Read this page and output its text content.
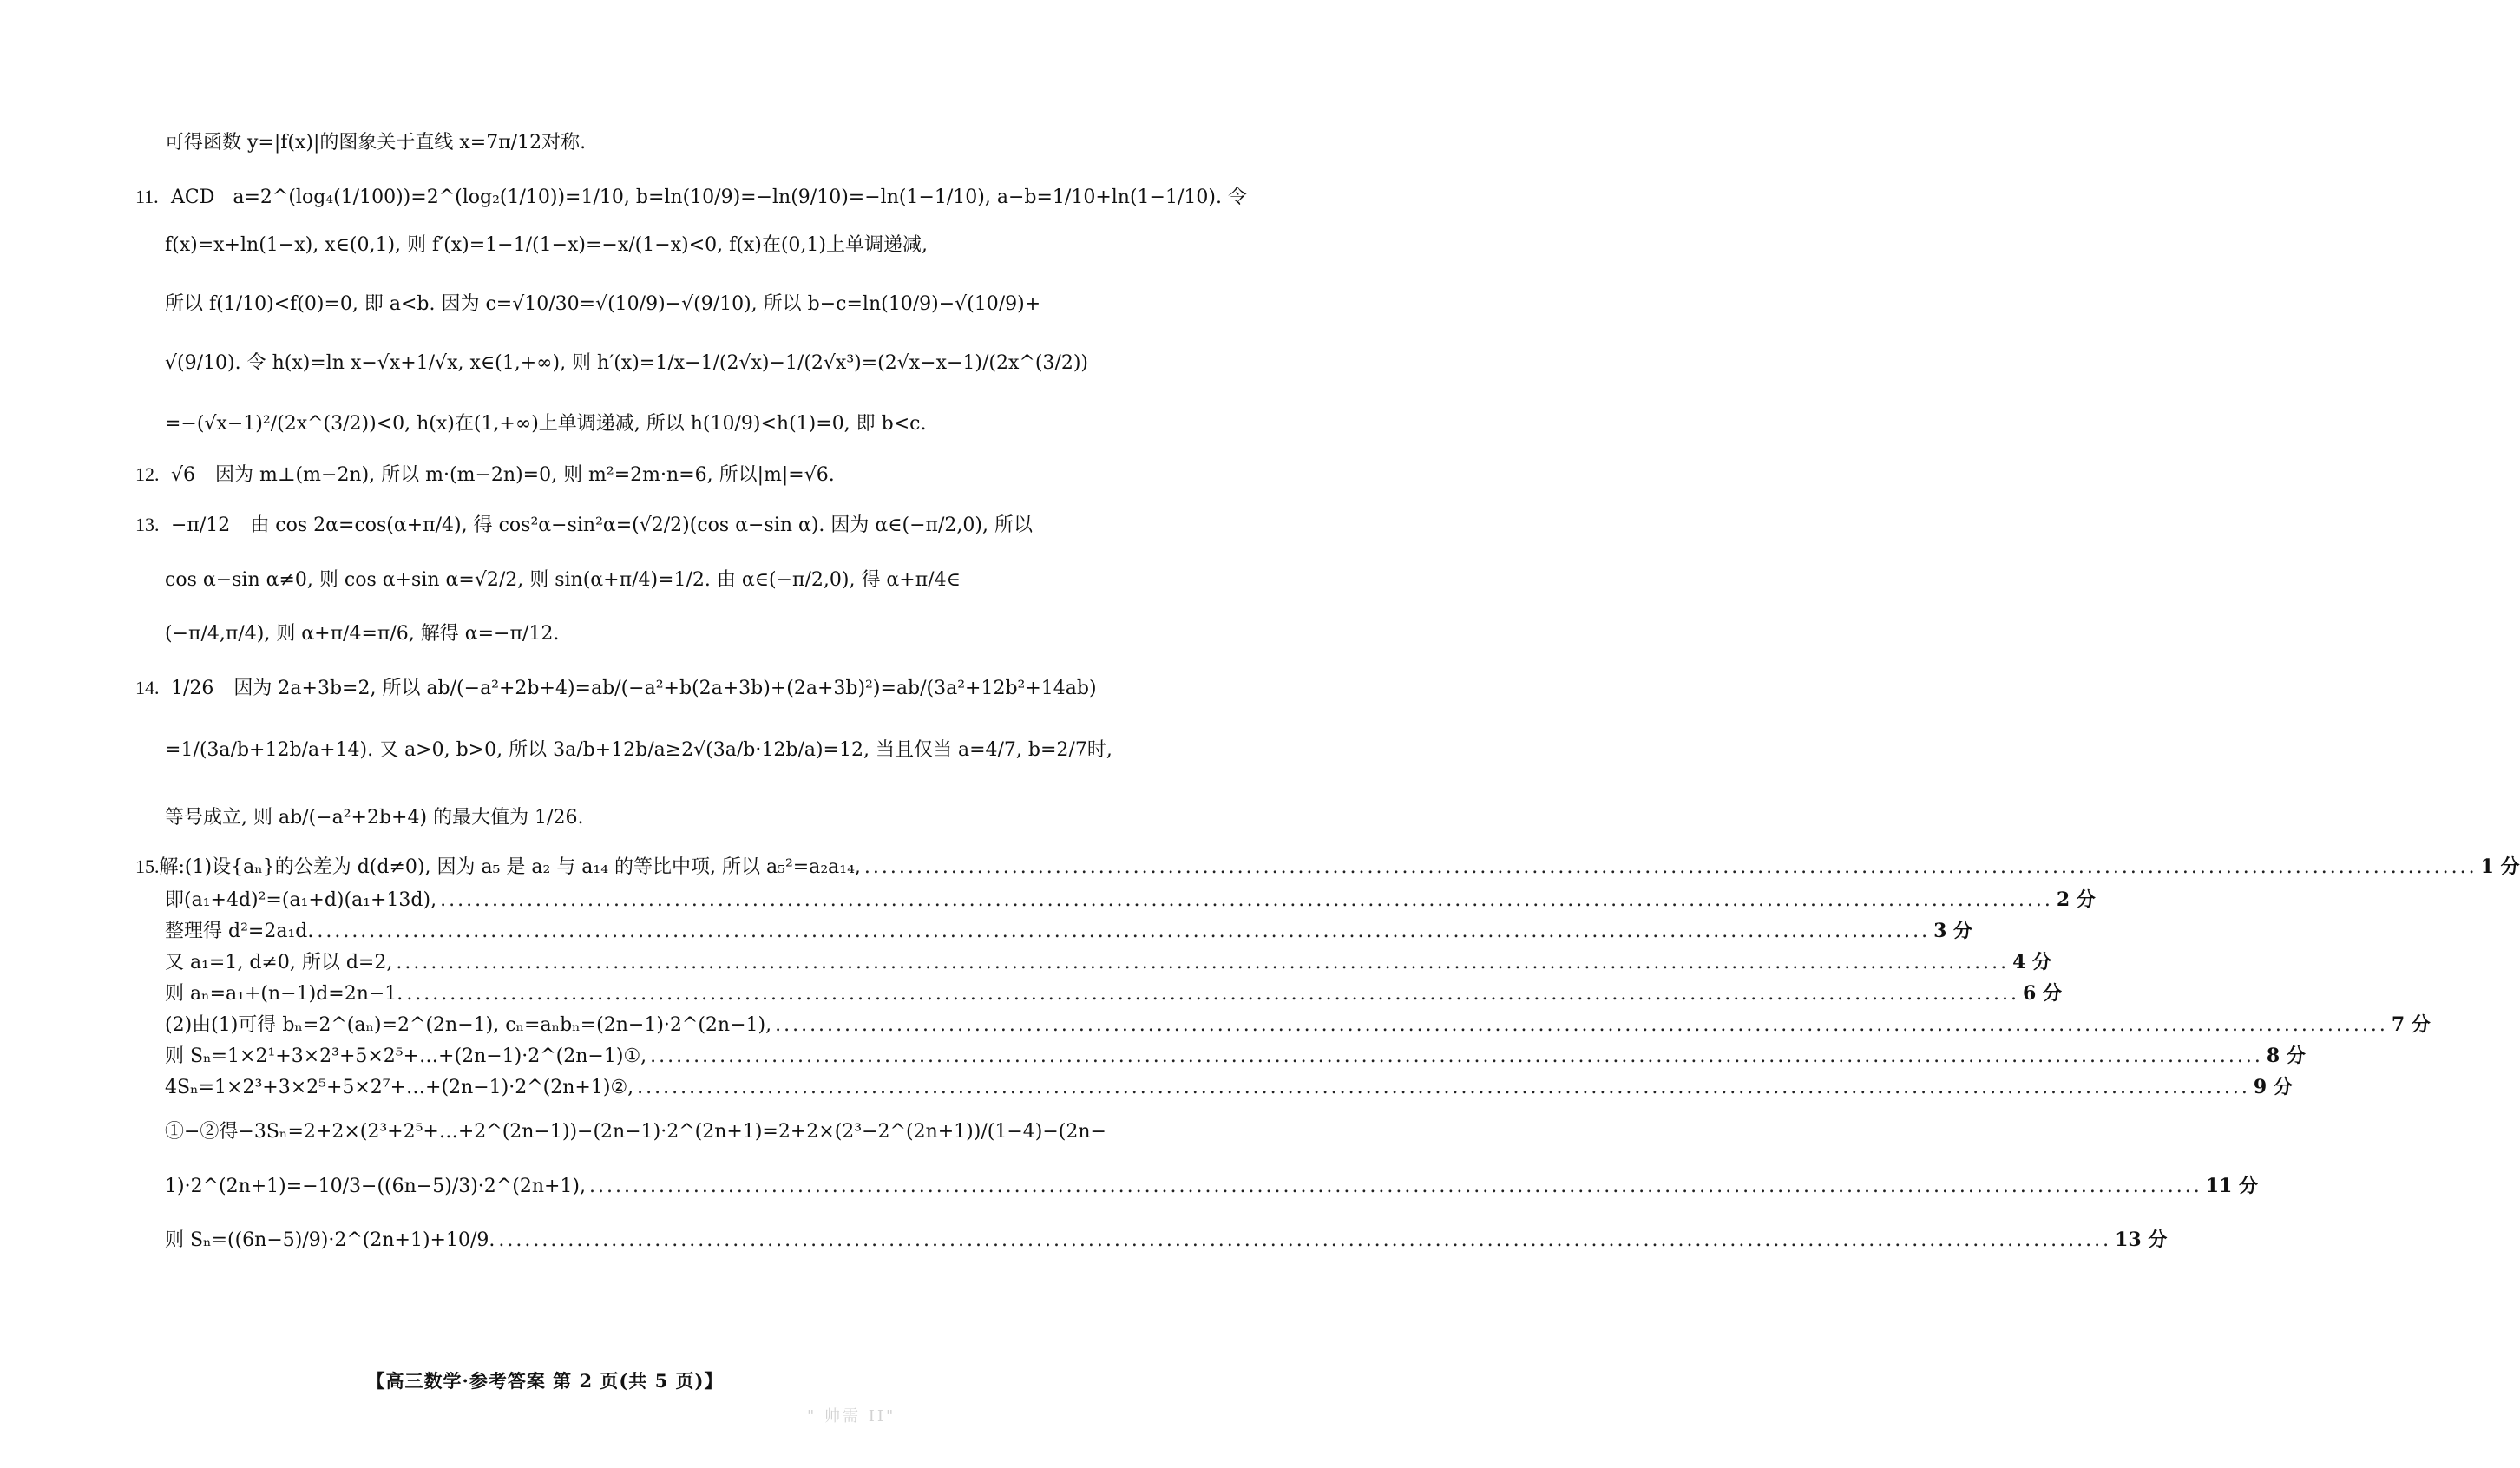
可得函数 y=|f(x)|的图象关于直线 x=7π/12对称.
11. ACD a=2^(log₄(1/100))=2^(log₂(1/10))=1/10, b=ln(10/9)=−ln(9/10)=−ln(1−1/10), a−b=1/10+ln(1−1/10). 令
f(x)=x+ln(1−x), x∈(0,1), 则 f′(x)=1−1/(1−x)=−x/(1−x)<0, f(x)在(0,1)上单调递减,
所以 f(1/10)<f(0)=0, 即 a<b. 因为 c=√10/30=√(10/9)−√(9/10), 所以 b−c=ln(10/9)−√(10/9)+
√(9/10). 令 h(x)=ln x−√x+1/√x, x∈(1,+∞), 则 h′(x)=1/x−1/(2√x)−1/(2√x³)=(2√x−x−1)/(2x^(3/2))
=−(√x−1)²/(2x^(3/2))<0, h(x)在(1,+∞)上单调递减, 所以 h(10/9)<h(1)=0, 即 b<c.
12. √6 因为 m⊥(m−2n), 所以 m·(m−2n)=0, 则 m²=2m·n=6, 所以|m|=√6.
13. −π/12 由 cos 2α=cos(α+π/4), 得 cos²α−sin²α=(√2/2)(cos α−sin α). 因为 α∈(−π/2,0), 所以
cos α−sin α≠0, 则 cos α+sin α=√2/2, 则 sin(α+π/4)=1/2. 由 α∈(−π/2,0), 得 α+π/4∈
(−π/4,π/4), 则 α+π/4=π/6, 解得 α=−π/12.
14. 1/26 因为 2a+3b=2, 所以 ab/(−a²+2b+4)=ab/(−a²+b(2a+3b)+(2a+3b)²)=ab/(3a²+12b²+14ab)
=1/(3a/b+12b/a+14). 又 a>0, b>0, 所以 3a/b+12b/a≥2√(3a/b·12b/a)=12, 当且仅当 a=4/7, b=2/7时,
等号成立, 则 ab/(−a²+2b+4) 的最大值为 1/26.
15. 解:(1)设{aₙ}的公差为 d(d≠0), 因为 a₅ 是 a₂ 与 a₁₄ 的等比中项, 所以 a₅²=a₂a₁₄, .....	1 分
即(a₁+4d)²=(a₁+d)(a₁+13d), .....	2 分
整理得 d²=2a₁d. .....	3 分
又 a₁=1, d≠0, 所以 d=2, .....	4 分
则 aₙ=a₁+(n−1)d=2n−1. .....	6 分
(2)由(1)可得 bₙ=2^(aₙ)=2^(2n−1), cₙ=aₙbₙ=(2n−1)·2^(2n−1), .....	7 分
则 Sₙ=1×2¹+3×2³+5×2⁵+…+(2n−1)·2^(2n−1)①, .....	8 分
4Sₙ=1×2³+3×2⁵+5×2⁷+…+(2n−1)·2^(2n+1)②, .....	9 分
①−②得−3Sₙ=2+2×(2³+2⁵+…+2^(2n−1))−(2n−1)·2^(2n+1)=2+2×(2³−2^(2n+1))/(1−4)−(2n−
1)·2^(2n+1)=−10/3−((6n−5)/3)·2^(2n+1), .....	11 分
则 Sₙ=((6n−5)/9)·2^(2n+1)+10/9. .....	13 分
【高三数学·参考答案 第 2 页(共 5 页)】
" 帅需 II"
